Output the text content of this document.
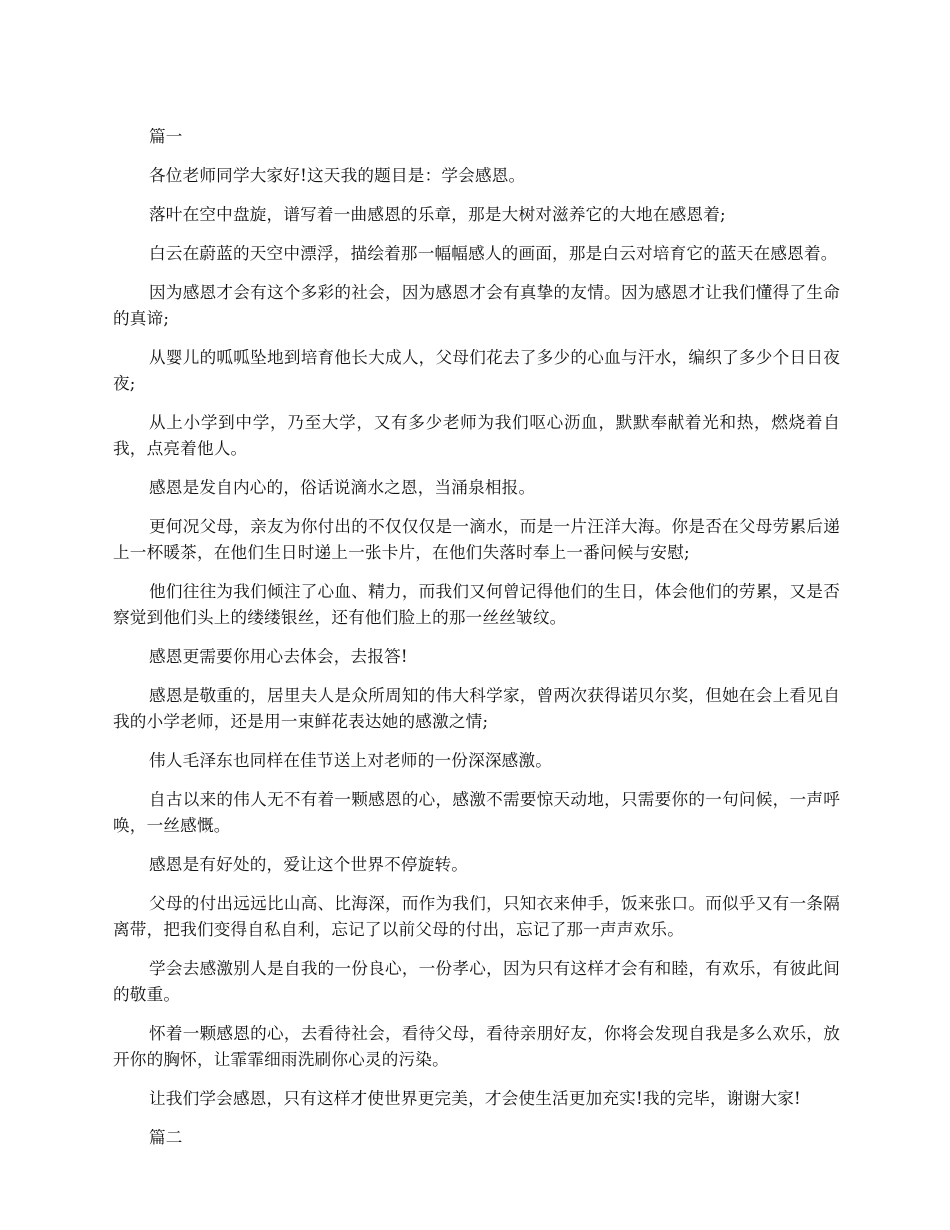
篇一

各位老师同学大家好!这天我的题目是：学会感恩。

落叶在空中盘旋，谱写着一曲感恩的乐章，那是大树对滋养它的大地在感恩着;

白云在蔚蓝的天空中漂浮，描绘着那一幅幅感人的画面，那是白云对培育它的蓝天在感恩着。

因为感恩才会有这个多彩的社会，因为感恩才会有真挚的友情。因为感恩才让我们懂得了生命的真谛;

从婴儿的呱呱坠地到培育他长大成人，父母们花去了多少的心血与汗水，编织了多少个日日夜夜;

从上小学到中学，乃至大学，又有多少老师为我们呕心沥血，默默奉献着光和热，燃烧着自我，点亮着他人。

感恩是发自内心的，俗话说滴水之恩，当涌泉相报。

更何况父母，亲友为你付出的不仅仅仅是一滴水，而是一片汪洋大海。你是否在父母劳累后递上一杯暖茶，在他们生日时递上一张卡片，在他们失落时奉上一番问候与安慰;

他们往往为我们倾注了心血、精力，而我们又何曾记得他们的生日，体会他们的劳累，又是否察觉到他们头上的缕缕银丝，还有他们脸上的那一丝丝皱纹。

感恩更需要你用心去体会，去报答!

感恩是敬重的，居里夫人是众所周知的伟大科学家，曾两次获得诺贝尔奖，但她在会上看见自我的小学老师，还是用一束鲜花表达她的感激之情;

伟人毛泽东也同样在佳节送上对老师的一份深深感激。

自古以来的伟人无不有着一颗感恩的心，感激不需要惊天动地，只需要你的一句问候，一声呼唤，一丝感慨。

感恩是有好处的，爱让这个世界不停旋转。

父母的付出远远比山高、比海深，而作为我们，只知衣来伸手，饭来张口。而似乎又有一条隔离带，把我们变得自私自利，忘记了以前父母的付出，忘记了那一声声欢乐。

学会去感激别人是自我的一份良心，一份孝心，因为只有这样才会有和睦，有欢乐，有彼此间的敬重。

怀着一颗感恩的心，去看待社会，看待父母，看待亲朋好友，你将会发现自我是多么欢乐，放开你的胸怀，让霏霏细雨洗刷你心灵的污染。

让我们学会感恩，只有这样才使世界更完美，才会使生活更加充实!我的完毕，谢谢大家!

篇二
